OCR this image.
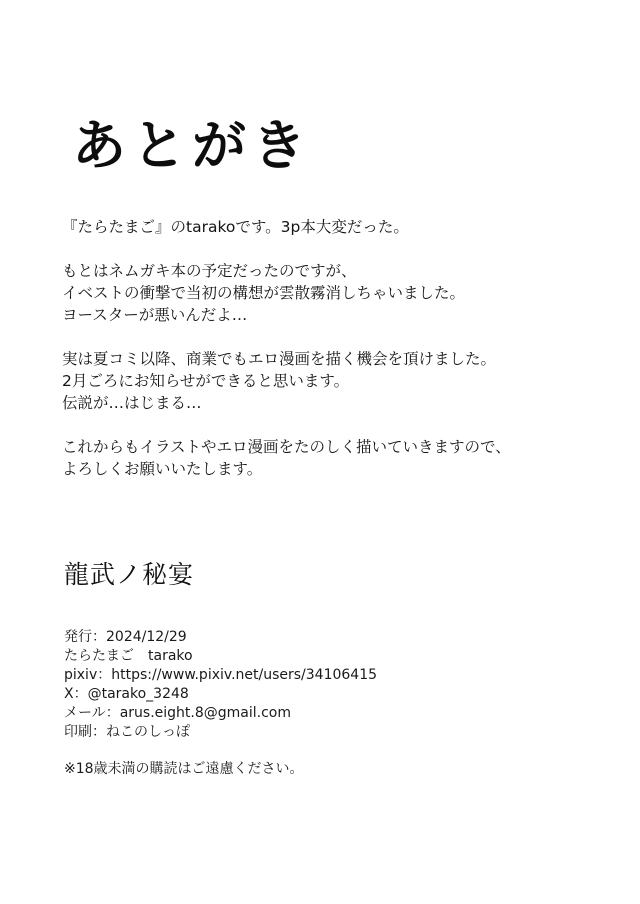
あとがき

『たらたまご』のtarakoです。3p本大変だった。

もとはネムガキ本の予定だったのですが、
イベストの衝撃で当初の構想が雲散霧消しちゃいました。
ヨースターが悪いんだよ…

実は夏コミ以降、商業でもエロ漫画を描く機会を頂けました。
2月ごろにお知らせができると思います。
伝説が…はじまる…

これからもイラストやエロ漫画をたのしく描いていきますので、
よろしくお願いいたします。

龍武ノ秘宴
発行：2024/12/29
たらたまご　tarako
pixiv：https://www.pixiv.net/users/34106415
X：@tarako_3248
メール：arus.eight.8@gmail.com
印刷：ねこのしっぽ
※18歳未満の購読はご遠慮ください。
